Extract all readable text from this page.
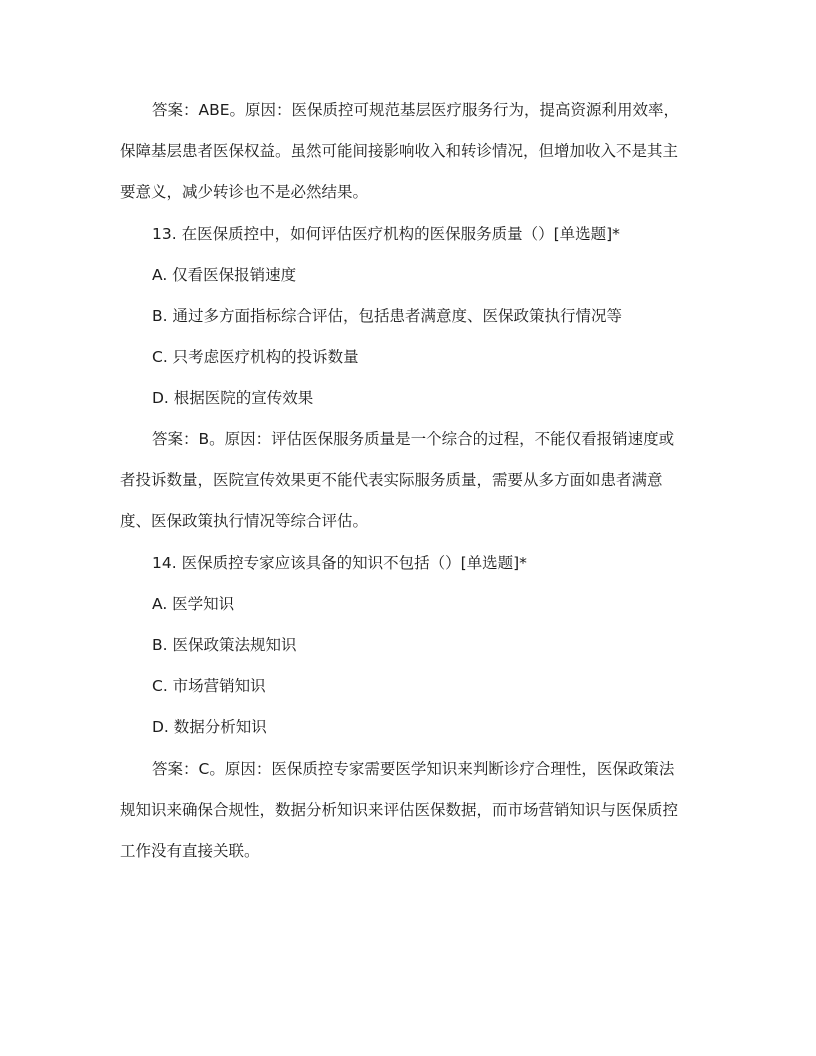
答案：ABE。原因：医保质控可规范基层医疗服务行为，提高资源利用效率，
保障基层患者医保权益。虽然可能间接影响收入和转诊情况，但增加收入不是其主
要意义，减少转诊也不是必然结果。
13. 在医保质控中，如何评估医疗机构的医保服务质量（）[单选题]*
A. 仅看医保报销速度
B. 通过多方面指标综合评估，包括患者满意度、医保政策执行情况等
C. 只考虑医疗机构的投诉数量
D. 根据医院的宣传效果
答案：B。原因：评估医保服务质量是一个综合的过程，不能仅看报销速度或
者投诉数量，医院宣传效果更不能代表实际服务质量，需要从多方面如患者满意
度、医保政策执行情况等综合评估。
14. 医保质控专家应该具备的知识不包括（）[单选题]*
A. 医学知识
B. 医保政策法规知识
C. 市场营销知识
D. 数据分析知识
答案：C。原因：医保质控专家需要医学知识来判断诊疗合理性，医保政策法
规知识来确保合规性，数据分析知识来评估医保数据，而市场营销知识与医保质控
工作没有直接关联。
